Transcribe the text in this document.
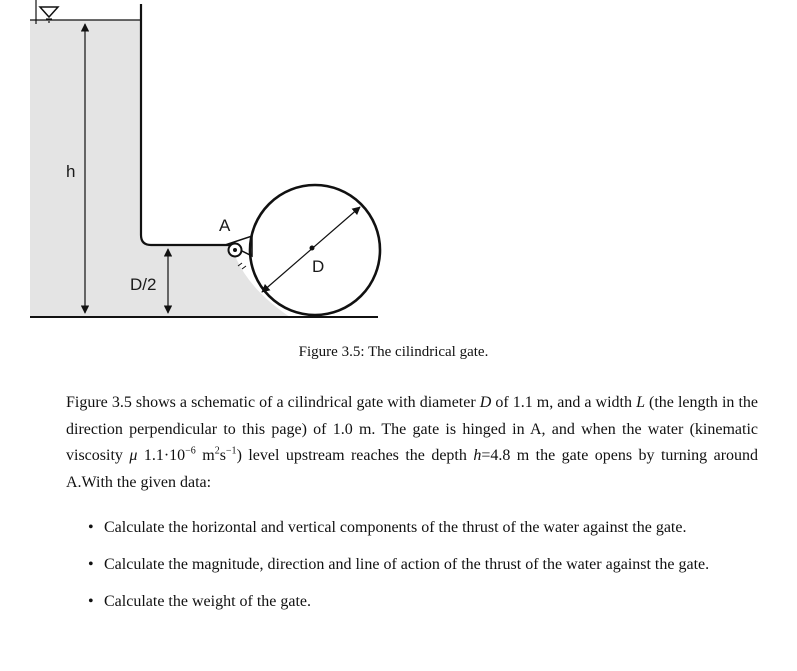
h
D/2
D
A
Figure 3.5: The cilindrical gate.

Figure 3.5 shows a schematic of a cilindrical gate with diameter D of 1.1 m, and a width L (the length in the direction perpendicular to this page) of 1.0 m. The gate is hinged in A, and when the water (kinematic viscosity μ $1.1\cdot 10^{-6}$ $m^2s^{-1}$) level upstream reaches the depth h=4.8 m the gate opens by turning around A.With the given data:

• Calculate the horizontal and vertical components of the thrust of the water against the gate.
• Calculate the magnitude, direction and line of action of the thrust of the water against the gate.
• Calculate the weight of the gate.
